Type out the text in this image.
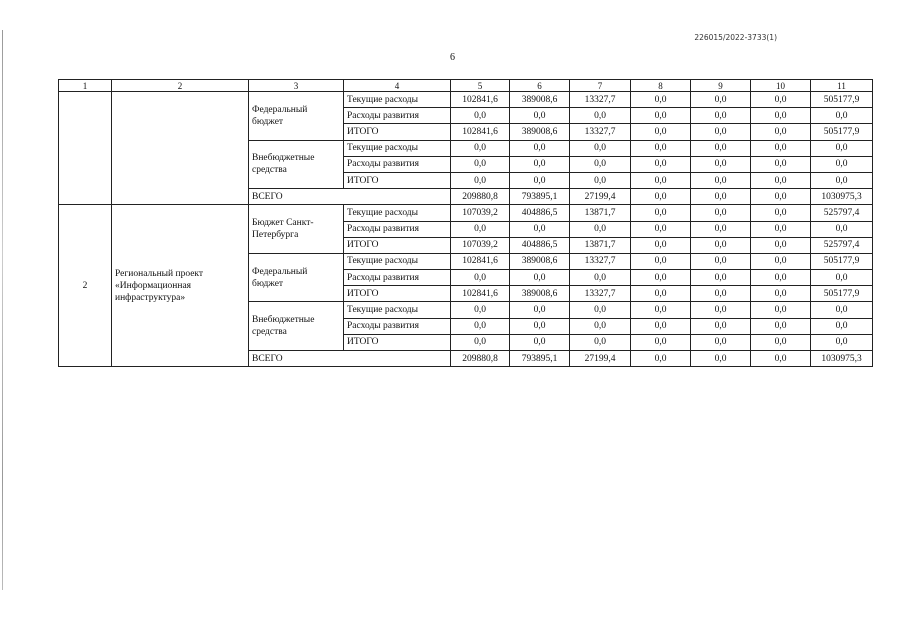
226015/2022-3733(1)
6
1	2	3	4	5	6	7	8	9	10	11
		Федеральный бюджет	Текущие расходы	102841,6	389008,6	13327,7	0,0	0,0	0,0	505177,9
			Расходы развития	0,0	0,0	0,0	0,0	0,0	0,0	0,0
			ИТОГО	102841,6	389008,6	13327,7	0,0	0,0	0,0	505177,9
		Внебюджетные средства	Текущие расходы	0,0	0,0	0,0	0,0	0,0	0,0	0,0
			Расходы развития	0,0	0,0	0,0	0,0	0,0	0,0	0,0
			ИТОГО	0,0	0,0	0,0	0,0	0,0	0,0	0,0
		ВСЕГО		209880,8	793895,1	27199,4	0,0	0,0	0,0	1030975,3
2	Региональный проект «Информационная инфраструктура»	Бюджет Санкт-Петербурга	Текущие расходы	107039,2	404886,5	13871,7	0,0	0,0	0,0	525797,4
			Расходы развития	0,0	0,0	0,0	0,0	0,0	0,0	0,0
			ИТОГО	107039,2	404886,5	13871,7	0,0	0,0	0,0	525797,4
		Федеральный бюджет	Текущие расходы	102841,6	389008,6	13327,7	0,0	0,0	0,0	505177,9
			Расходы развития	0,0	0,0	0,0	0,0	0,0	0,0	0,0
			ИТОГО	102841,6	389008,6	13327,7	0,0	0,0	0,0	505177,9
		Внебюджетные средства	Текущие расходы	0,0	0,0	0,0	0,0	0,0	0,0	0,0
			Расходы развития	0,0	0,0	0,0	0,0	0,0	0,0	0,0
			ИТОГО	0,0	0,0	0,0	0,0	0,0	0,0	0,0
		ВСЕГО		209880,8	793895,1	27199,4	0,0	0,0	0,0	1030975,3
